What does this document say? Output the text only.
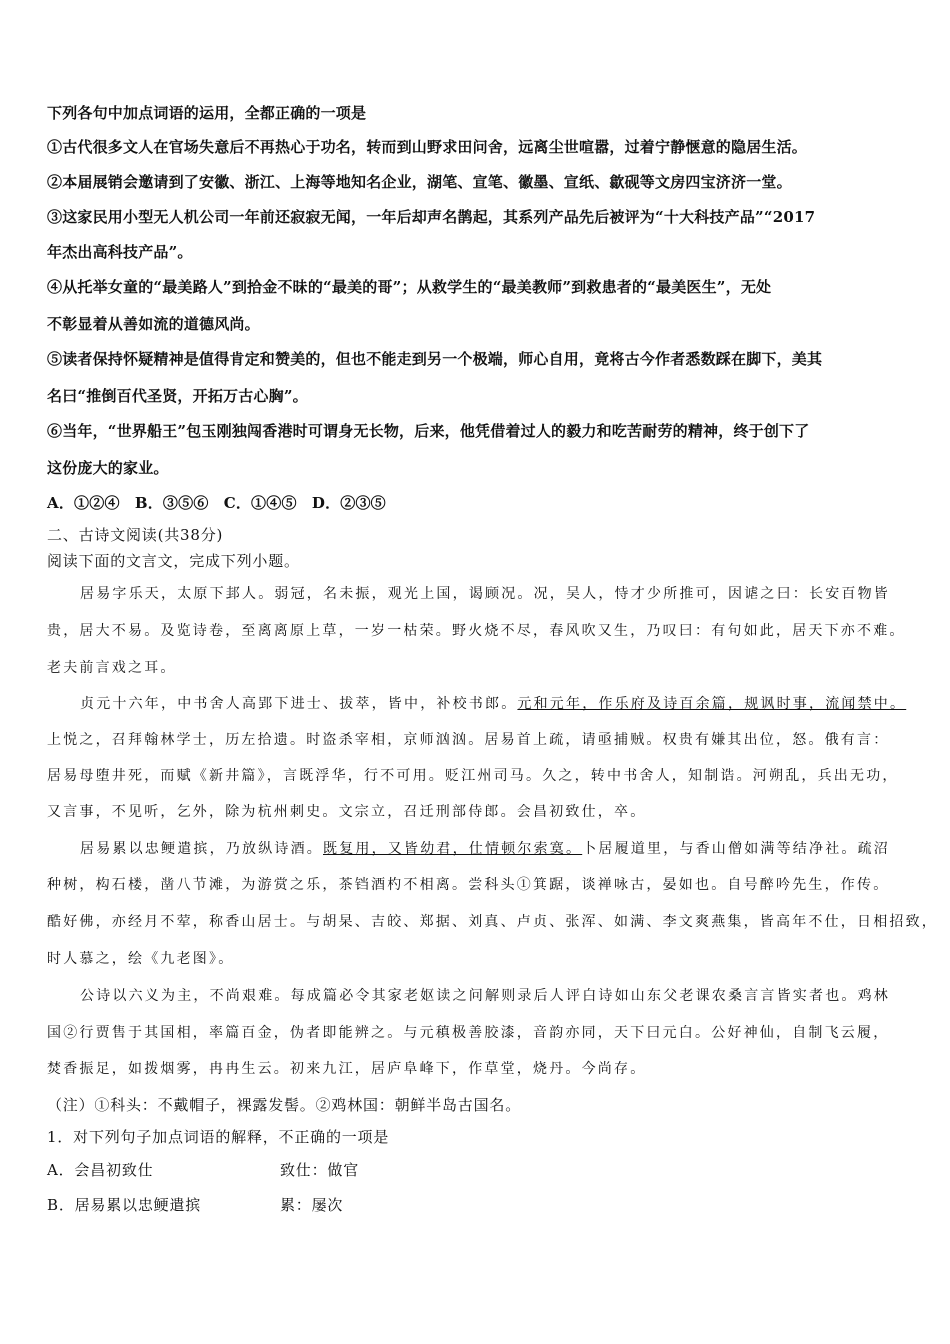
下列各句中加点词语的运用，全都正确的一项是
①古代很多文人在官场失意后不再热心于功名，转而到山野求田问舍，远离尘世喧嚣，过着宁静惬意的隐居生活。
②本届展销会邀请到了安徽、浙江、上海等地知名企业，湖笔、宣笔、徽墨、宣纸、歙砚等文房四宝济济一堂。
③这家民用小型无人机公司一年前还寂寂无闻，一年后却声名鹊起，其系列产品先后被评为“十大科技产品”“2017
年杰出高科技产品”。
④从托举女童的“最美路人”到拾金不昧的“最美的哥”；从救学生的“最美教师”到救患者的“最美医生”，无处
不彰显着从善如流的道德风尚。
⑤读者保持怀疑精神是值得肯定和赞美的，但也不能走到另一个极端，师心自用，竟将古今作者悉数踩在脚下，美其
名曰“推倒百代圣贤，开拓万古心胸”。
⑥当年，“世界船王”包玉刚独闯香港时可谓身无长物，后来，他凭借着过人的毅力和吃苦耐劳的精神，终于创下了
这份庞大的家业。
A．①②④　B．③⑤⑥　C．①④⑤　D．②③⑤
二、古诗文阅读(共38分)
阅读下面的文言文，完成下列小题。
居易字乐天，太原下邽人。弱冠，名未振，观光上国，谒顾况。况，吴人，恃才少所推可，因谑之曰：长安百物皆
贵，居大不易。及览诗卷，至离离原上草，一岁一枯荣。野火烧不尽，春风吹又生，乃叹曰：有句如此，居天下亦不难。
老夫前言戏之耳。
贞元十六年，中书舍人高郢下进士、拔萃，皆中，补校书郎。元和元年，作乐府及诗百余篇，规讽时事，流闻禁中。
上悦之，召拜翰林学士，历左拾遗。时盗杀宰相，京师汹汹。居易首上疏，请亟捕贼。权贵有嫌其出位，怒。俄有言：
居易母堕井死，而赋《新井篇》，言既浮华，行不可用。贬江州司马。久之，转中书舍人，知制诰。河朔乱，兵出无功，
又言事，不见听，乞外，除为杭州刺史。文宗立，召迁刑部侍郎。会昌初致仕，卒。
居易累以忠鲠遣摈，乃放纵诗酒。既复用，又皆幼君，仕情顿尔索寞。卜居履道里，与香山僧如满等结净社。疏沼
种树，构石楼，凿八节滩，为游赏之乐，茶铛酒杓不相离。尝科头①箕踞，谈禅咏古，晏如也。自号醉吟先生，作传。
酷好佛，亦经月不荤，称香山居士。与胡杲、吉皎、郑据、刘真、卢贞、张浑、如满、李文爽燕集，皆高年不仕，日相招致，
时人慕之，绘《九老图》。
公诗以六义为主，不尚艰难。每成篇必令其家老妪读之问解则录后人评白诗如山东父老课农桑言言皆实者也。鸡林
国②行贾售于其国相，率篇百金，伪者即能辨之。与元稹极善胶漆，音韵亦同，天下曰元白。公好神仙，自制飞云履，
焚香振足，如拨烟雾，冉冉生云。初来九江，居庐阜峰下，作草堂，烧丹。今尚存。
（注）①科头：不戴帽子，裸露发髻。②鸡林国：朝鲜半岛古国名。
1．对下列句子加点词语的解释，不正确的一项是
A．会昌初致仕	致仕：做官
B．居易累以忠鲠遣摈	累：屡次
